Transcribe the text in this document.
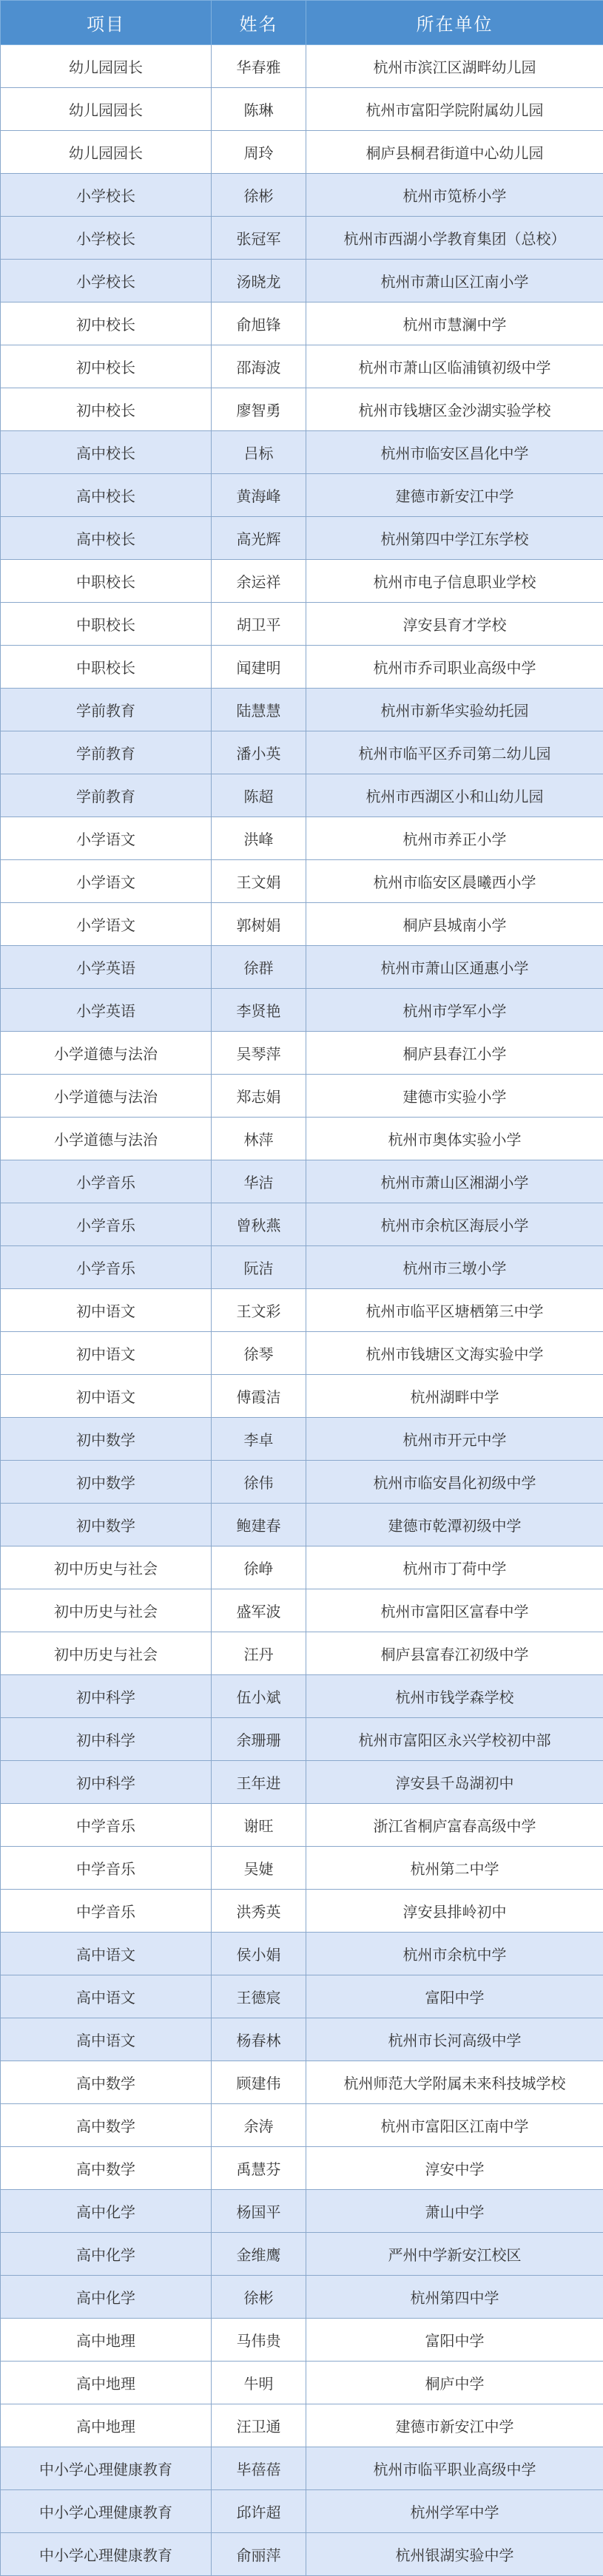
项目	姓名	所在单位
幼儿园园长	华春雅	杭州市滨江区湖畔幼儿园
幼儿园园长	陈琳	杭州市富阳学院附属幼儿园
幼儿园园长	周玲	桐庐县桐君街道中心幼儿园
小学校长	徐彬	杭州市笕桥小学
小学校长	张冠军	杭州市西湖小学教育集团（总校）
小学校长	汤晓龙	杭州市萧山区江南小学
初中校长	俞旭锋	杭州市慧澜中学
初中校长	邵海波	杭州市萧山区临浦镇初级中学
初中校长	廖智勇	杭州市钱塘区金沙湖实验学校
高中校长	吕标	杭州市临安区昌化中学
高中校长	黄海峰	建德市新安江中学
高中校长	高光辉	杭州第四中学江东学校
中职校长	余运祥	杭州市电子信息职业学校
中职校长	胡卫平	淳安县育才学校
中职校长	闻建明	杭州市乔司职业高级中学
学前教育	陆慧慧	杭州市新华实验幼托园
学前教育	潘小英	杭州市临平区乔司第二幼儿园
学前教育	陈超	杭州市西湖区小和山幼儿园
小学语文	洪峰	杭州市养正小学
小学语文	王文娟	杭州市临安区晨曦西小学
小学语文	郭树娟	桐庐县城南小学
小学英语	徐群	杭州市萧山区通惠小学
小学英语	李贤艳	杭州市学军小学
小学道德与法治	吴琴萍	桐庐县春江小学
小学道德与法治	郑志娟	建德市实验小学
小学道德与法治	林萍	杭州市奥体实验小学
小学音乐	华洁	杭州市萧山区湘湖小学
小学音乐	曾秋燕	杭州市余杭区海辰小学
小学音乐	阮洁	杭州市三墩小学
初中语文	王文彩	杭州市临平区塘栖第三中学
初中语文	徐琴	杭州市钱塘区文海实验中学
初中语文	傅霞洁	杭州湖畔中学
初中数学	李卓	杭州市开元中学
初中数学	徐伟	杭州市临安昌化初级中学
初中数学	鲍建春	建德市乾潭初级中学
初中历史与社会	徐峥	杭州市丁荷中学
初中历史与社会	盛军波	杭州市富阳区富春中学
初中历史与社会	汪丹	桐庐县富春江初级中学
初中科学	伍小斌	杭州市钱学森学校
初中科学	余珊珊	杭州市富阳区永兴学校初中部
初中科学	王年进	淳安县千岛湖初中
中学音乐	谢旺	浙江省桐庐富春高级中学
中学音乐	吴婕	杭州第二中学
中学音乐	洪秀英	淳安县排岭初中
高中语文	侯小娟	杭州市余杭中学
高中语文	王德宸	富阳中学
高中语文	杨春林	杭州市长河高级中学
高中数学	顾建伟	杭州师范大学附属未来科技城学校
高中数学	余涛	杭州市富阳区江南中学
高中数学	禹慧芬	淳安中学
高中化学	杨国平	萧山中学
高中化学	金维鹰	严州中学新安江校区
高中化学	徐彬	杭州第四中学
高中地理	马伟贵	富阳中学
高中地理	牛明	桐庐中学
高中地理	汪卫通	建德市新安江中学
中小学心理健康教育	毕蓓蓓	杭州市临平职业高级中学
中小学心理健康教育	邱许超	杭州学军中学
中小学心理健康教育	俞丽萍	杭州银湖实验中学
